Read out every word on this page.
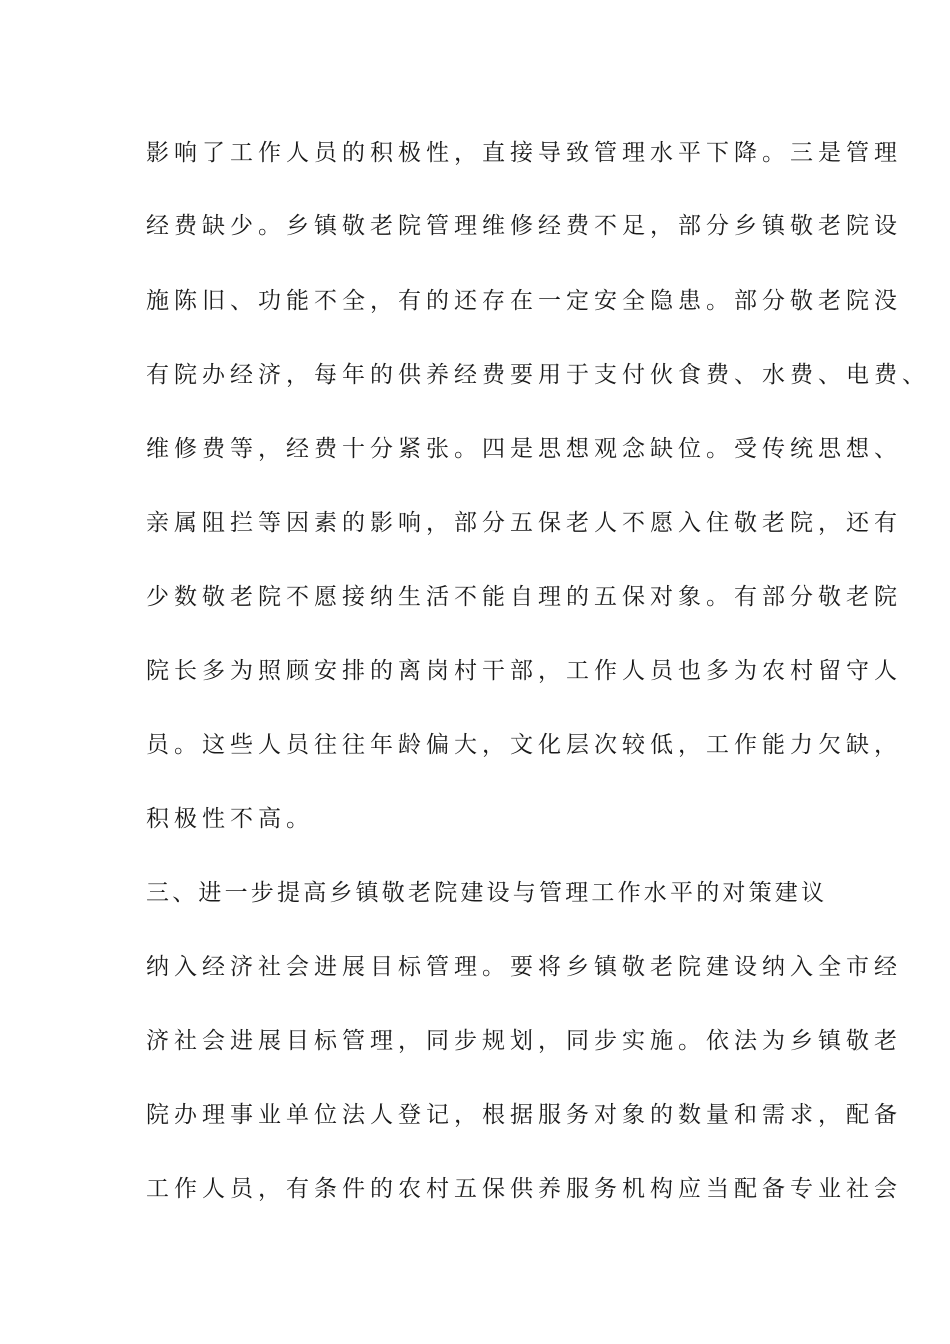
影响了工作人员的积极性，直接导致管理水平下降。三是管理

经费缺少。乡镇敬老院管理维修经费不足，部分乡镇敬老院设

施陈旧、功能不全，有的还存在一定安全隐患。部分敬老院没

有院办经济，每年的供养经费要用于支付伙食费、水费、电费、

维修费等，经费十分紧张。四是思想观念缺位。受传统思想、

亲属阻拦等因素的影响，部分五保老人不愿入住敬老院，还有

少数敬老院不愿接纳生活不能自理的五保对象。有部分敬老院

院长多为照顾安排的离岗村干部，工作人员也多为农村留守人

员。这些人员往往年龄偏大，文化层次较低，工作能力欠缺，

积极性不高。

三、进一步提高乡镇敬老院建设与管理工作水平的对策建议

纳入经济社会进展目标管理。要将乡镇敬老院建设纳入全市经

济社会进展目标管理，同步规划，同步实施。依法为乡镇敬老

院办理事业单位法人登记，根据服务对象的数量和需求，配备

工作人员，有条件的农村五保供养服务机构应当配备专业社会
